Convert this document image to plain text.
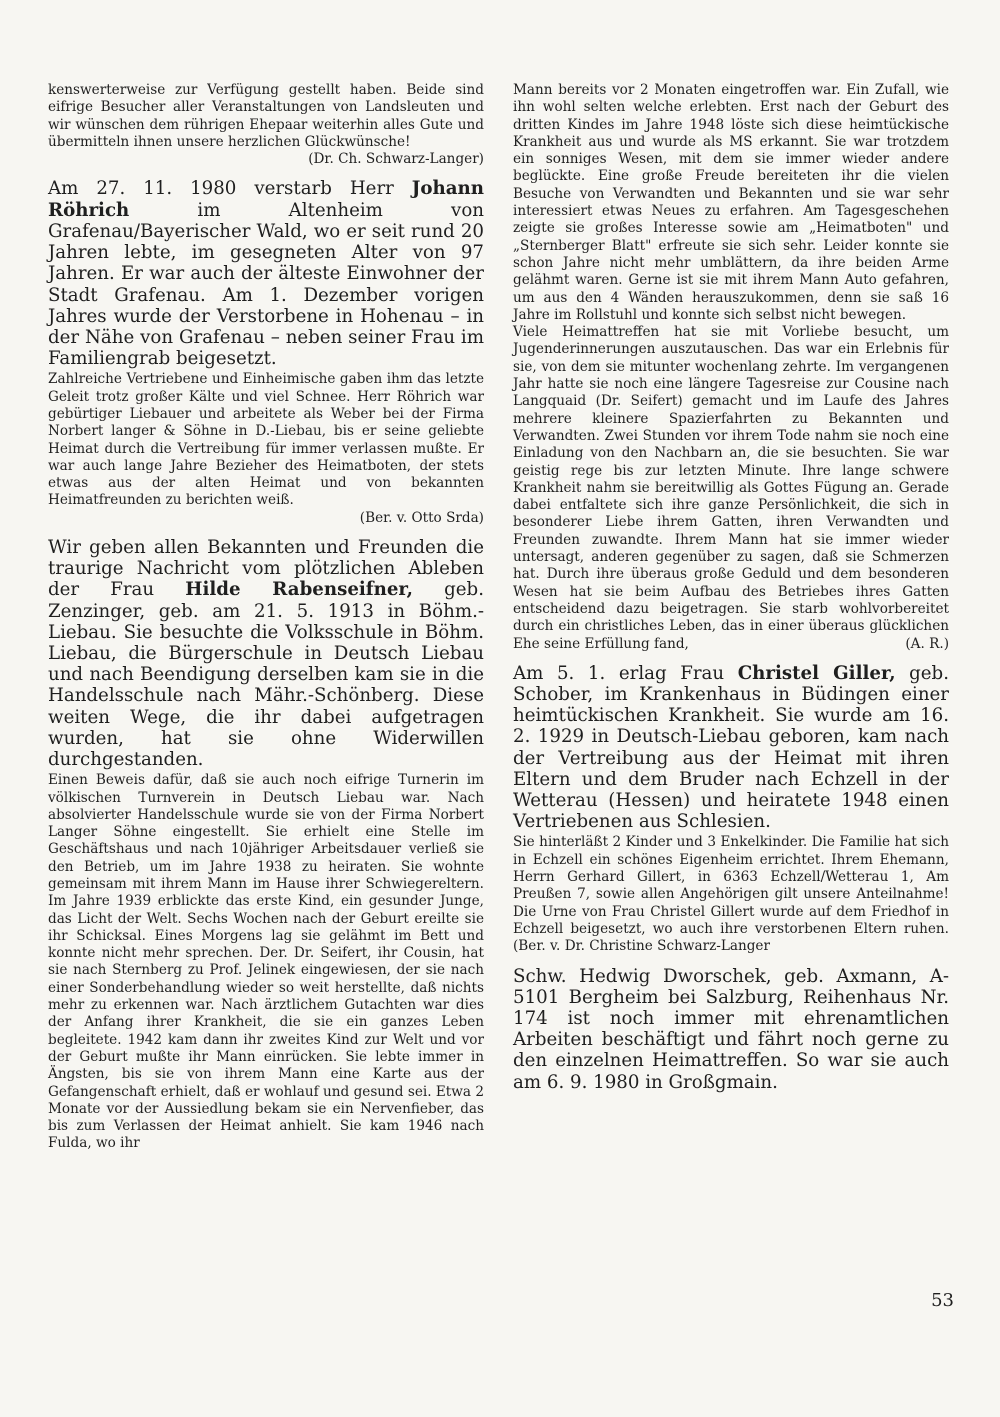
kenswerterweise zur Verfügung gestellt haben. Beide sind eifrige Besucher aller Veranstaltungen von Landsleuten und wir wünschen dem rührigen Ehepaar weiterhin alles Gute und übermitteln ihnen unsere herzlichen Glückwünsche!

(Dr. Ch. Schwarz-Langer)

Am 27. 11. 1980 verstarb Herr Johann Röhrich im Altenheim von Grafenau/Bayerischer Wald, wo er seit rund 20 Jahren lebte, im gesegneten Alter von 97 Jahren. Er war auch der älteste Einwohner der Stadt Grafenau. Am 1. Dezember vorigen Jahres wurde der Verstorbene in Hohenau – in der Nähe von Grafenau – neben seiner Frau im Familiengrab beigesetzt.

Zahlreiche Vertriebene und Einheimische gaben ihm das letzte Geleit trotz großer Kälte und viel Schnee. Herr Röhrich war gebürtiger Liebauer und arbeitete als Weber bei der Firma Norbert langer & Söhne in D.-Liebau, bis er seine geliebte Heimat durch die Vertreibung für immer verlassen mußte. Er war auch lange Jahre Bezieher des Heimatboten, der stets etwas aus der alten Heimat und von bekannten Heimatfreunden zu berichten weiß.

(Ber. v. Otto Srda)

Wir geben allen Bekannten und Freunden die traurige Nachricht vom plötzlichen Ableben der Frau Hilde Rabenseifner, geb. Zenzinger, geb. am 21. 5. 1913 in Böhm.-Liebau. Sie besuchte die Volksschule in Böhm. Liebau, die Bürgerschule in Deutsch Liebau und nach Beendigung derselben kam sie in die Handelsschule nach Mähr.-Schönberg. Diese weiten Wege, die ihr dabei aufgetragen wurden, hat sie ohne Widerwillen durchgestanden.

Einen Beweis dafür, daß sie auch noch eifrige Turnerin im völkischen Turnverein in Deutsch Liebau war. Nach absolvierter Handelsschule wurde sie von der Firma Norbert Langer Söhne eingestellt. Sie erhielt eine Stelle im Geschäftshaus und nach 10jähriger Arbeitsdauer verließ sie den Betrieb, um im Jahre 1938 zu heiraten. Sie wohnte gemeinsam mit ihrem Mann im Hause ihrer Schwiegereltern. Im Jahre 1939 erblickte das erste Kind, ein gesunder Junge, das Licht der Welt. Sechs Wochen nach der Geburt ereilte sie ihr Schicksal. Eines Morgens lag sie gelähmt im Bett und konnte nicht mehr sprechen. Der. Dr. Seifert, ihr Cousin, hat sie nach Sternberg zu Prof. Jelinek eingewiesen, der sie nach einer Sonderbehandlung wieder so weit herstellte, daß nichts mehr zu erkennen war. Nach ärztlichem Gutachten war dies der Anfang ihrer Krankheit, die sie ein ganzes Leben begleitete. 1942 kam dann ihr zweites Kind zur Welt und vor der Geburt mußte ihr Mann einrücken. Sie lebte immer in Ängsten, bis sie von ihrem Mann eine Karte aus der Gefangenschaft erhielt, daß er wohlauf und gesund sei. Etwa 2 Monate vor der Aussiedlung bekam sie ein Nervenfieber, das bis zum Verlassen der Heimat anhielt. Sie kam 1946 nach Fulda, wo ihr

Mann bereits vor 2 Monaten eingetroffen war. Ein Zufall, wie ihn wohl selten welche erlebten. Erst nach der Geburt des dritten Kindes im Jahre 1948 löste sich diese heimtückische Krankheit aus und wurde als MS erkannt. Sie war trotzdem ein sonniges Wesen, mit dem sie immer wieder andere beglückte. Eine große Freude bereiteten ihr die vielen Besuche von Verwandten und Bekannten und sie war sehr interessiert etwas Neues zu erfahren. Am Tagesgeschehen zeigte sie großes Interesse sowie am „Heimatboten" und „Sternberger Blatt" erfreute sie sich sehr. Leider konnte sie schon Jahre nicht mehr umblättern, da ihre beiden Arme gelähmt waren. Gerne ist sie mit ihrem Mann Auto gefahren, um aus den 4 Wänden herauszukommen, denn sie saß 16 Jahre im Rollstuhl und konnte sich selbst nicht bewegen.

Viele Heimattreffen hat sie mit Vorliebe besucht, um Jugenderinnerungen auszutauschen. Das war ein Erlebnis für sie, von dem sie mitunter wochenlang zehrte. Im vergangenen Jahr hatte sie noch eine längere Tagesreise zur Cousine nach Langquaid (Dr. Seifert) gemacht und im Laufe des Jahres mehrere kleinere Spazierfahrten zu Bekannten und Verwandten. Zwei Stunden vor ihrem Tode nahm sie noch eine Einladung von den Nachbarn an, die sie besuchten. Sie war geistig rege bis zur letzten Minute. Ihre lange schwere Krankheit nahm sie bereitwillig als Gottes Fügung an. Gerade dabei entfaltete sich ihre ganze Persönlichkeit, die sich in besonderer Liebe ihrem Gatten, ihren Verwandten und Freunden zuwandte. Ihrem Mann hat sie immer wieder untersagt, anderen gegenüber zu sagen, daß sie Schmerzen hat. Durch ihre überaus große Geduld und dem besonderen Wesen hat sie beim Aufbau des Betriebes ihres Gatten entscheidend dazu beigetragen. Sie starb wohlvorbereitet durch ein christliches Leben, das in einer überaus glücklichen Ehe seine Erfüllung fand,	(A. R.)

Am 5. 1. erlag Frau Christel Giller, geb. Schober, im Krankenhaus in Büdingen einer heimtückischen Krankheit. Sie wurde am 16. 2. 1929 in Deutsch-Liebau geboren, kam nach der Vertreibung aus der Heimat mit ihren Eltern und dem Bruder nach Echzell in der Wetterau (Hessen) und heiratete 1948 einen Vertriebenen aus Schlesien.

Sie hinterläßt 2 Kinder und 3 Enkelkinder. Die Familie hat sich in Echzell ein schönes Eigenheim errichtet. Ihrem Ehemann, Herrn Gerhard Gillert, in 6363 Echzell/Wetterau 1, Am Preußen 7, sowie allen Angehörigen gilt unsere Anteilnahme! Die Urne von Frau Christel Gillert wurde auf dem Friedhof in Echzell beigesetzt, wo auch ihre verstorbenen Eltern ruhen. (Ber. v. Dr. Christine Schwarz-Langer

Schw. Hedwig Dworschek, geb. Axmann, A-5101 Bergheim bei Salzburg, Reihenhaus Nr. 174 ist noch immer mit ehrenamtlichen Arbeiten beschäftigt und fährt noch gerne zu den einzelnen Heimattreffen. So war sie auch am 6. 9. 1980 in Großgmain.

53
